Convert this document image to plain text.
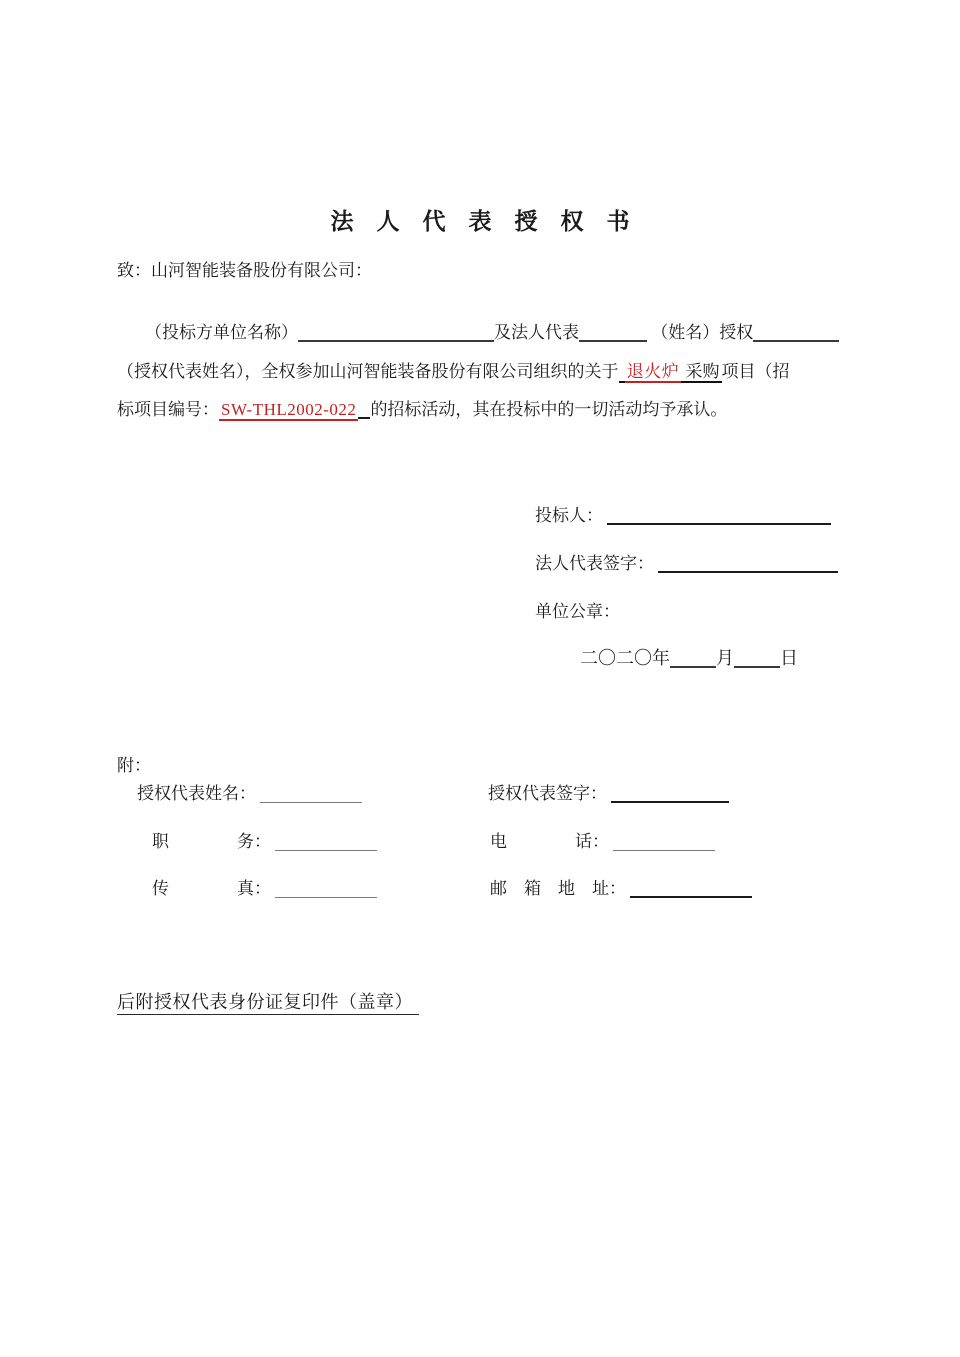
法人代表授权书
致：山河智能装备股份有限公司：
（投标方单位名称）	及法人代表	（姓名）授权
（授权代表姓名），全权参加山河智能装备股份有限公司组织的关于 退火炉 采购 项目（招
标项目编号： SW-THL2002-022 的招标活动，其在投标中的一切活动均予承认。
投标人：
法人代表签字：
单位公章：
二〇二〇年	月	日
附：
授权代表姓名：	授权代表签字：
职　　　　务：	电　　　　话：
传　　　　真：	邮　箱　地　址：
后附授权代表身份证复印件（盖章）
